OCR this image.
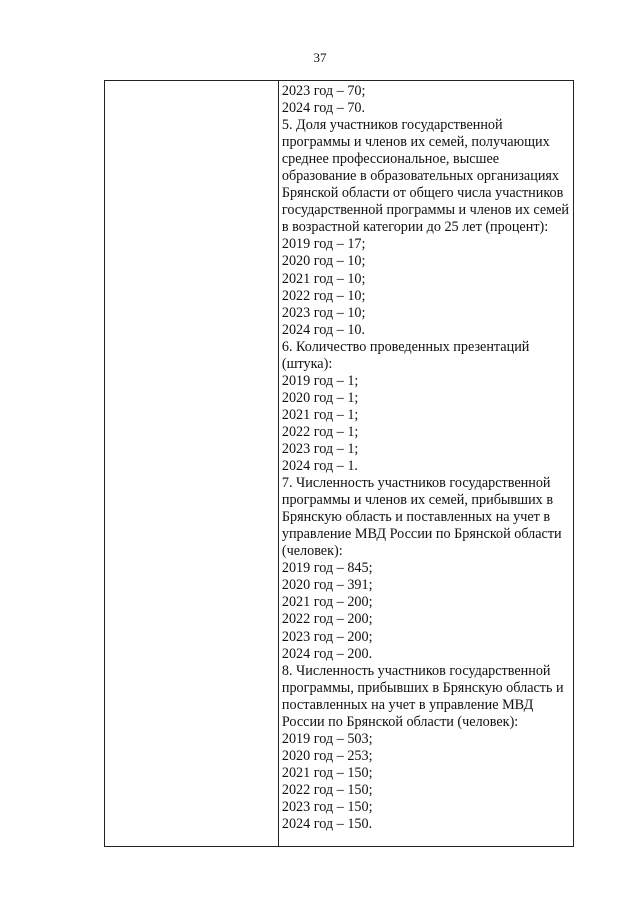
37
2023 год – 70;
2024 год – 70.
5. Доля участников государственной
программы и членов их семей, получающих
среднее профессиональное, высшее
образование в образовательных организациях
Брянской области от общего числа участников
государственной программы и членов их семей
в возрастной категории до 25 лет (процент):
2019 год – 17;
2020 год – 10;
2021 год – 10;
2022 год – 10;
2023 год – 10;
2024 год – 10.
6. Количество проведенных презентаций
(штука):
2019 год – 1;
2020 год – 1;
2021 год – 1;
2022 год – 1;
2023 год – 1;
2024 год – 1.
7. Численность участников государственной
программы и членов их семей, прибывших в
Брянскую область и поставленных на учет в
управление МВД России по Брянской области
(человек):
2019 год – 845;
2020 год – 391;
2021 год – 200;
2022 год – 200;
2023 год – 200;
2024 год – 200.
8. Численность участников государственной
программы, прибывших в Брянскую область и
поставленных на учет в управление МВД
России по Брянской области (человек):
2019 год – 503;
2020 год – 253;
2021 год – 150;
2022 год – 150;
2023 год – 150;
2024 год – 150.
